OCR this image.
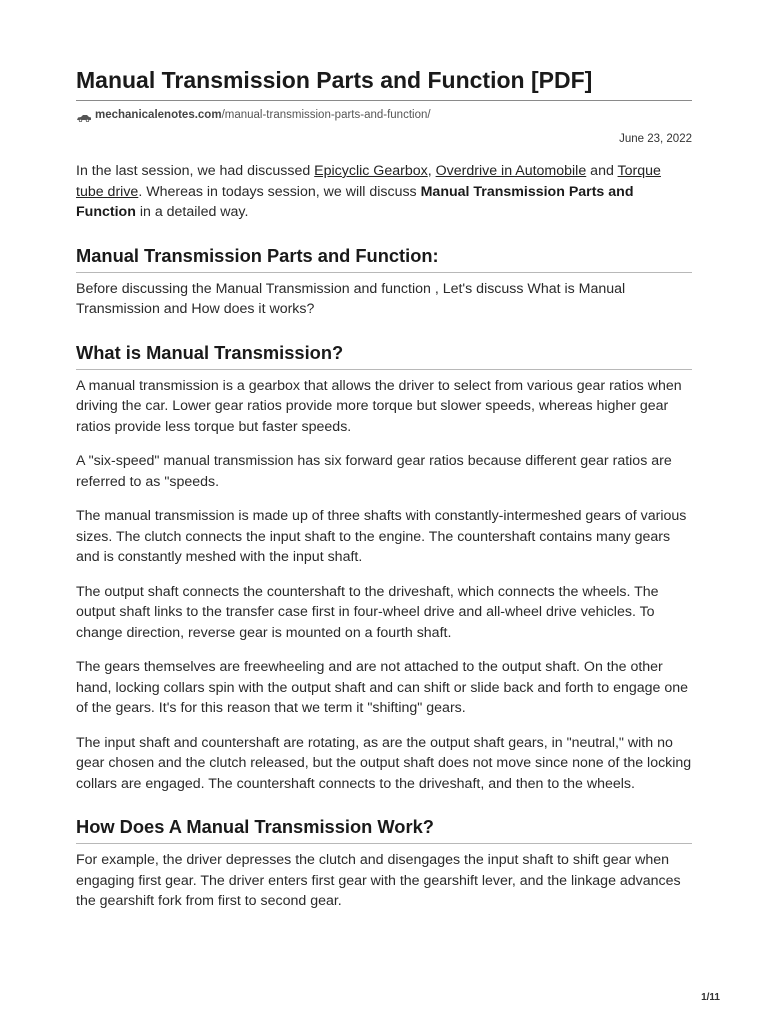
Manual Transmission Parts and Function [PDF]
mechanicalenotes.com /manual-transmission-parts-and-function/
June 23, 2022

In the last session, we had discussed Epicyclic Gearbox, Overdrive in Automobile and Torque tube drive. Whereas in todays session, we will discuss Manual Transmission Parts and Function in a detailed way.

Manual Transmission Parts and Function:

Before discussing the Manual Transmission and function , Let's discuss What is Manual Transmission and How does it works?

What is Manual Transmission?

A manual transmission is a gearbox that allows the driver to select from various gear ratios when driving the car. Lower gear ratios provide more torque but slower speeds, whereas higher gear ratios provide less torque but faster speeds.

A "six-speed" manual transmission has six forward gear ratios because different gear ratios are referred to as "speeds.

The manual transmission is made up of three shafts with constantly-intermeshed gears of various sizes. The clutch connects the input shaft to the engine. The countershaft contains many gears and is constantly meshed with the input shaft.

The output shaft connects the countershaft to the driveshaft, which connects the wheels. The output shaft links to the transfer case first in four-wheel drive and all-wheel drive vehicles. To change direction, reverse gear is mounted on a fourth shaft.

The gears themselves are freewheeling and are not attached to the output shaft. On the other hand, locking collars spin with the output shaft and can shift or slide back and forth to engage one of the gears. It's for this reason that we term it "shifting" gears.

The input shaft and countershaft are rotating, as are the output shaft gears, in "neutral," with no gear chosen and the clutch released, but the output shaft does not move since none of the locking collars are engaged. The countershaft connects to the driveshaft, and then to the wheels.

How Does A Manual Transmission Work?

For example, the driver depresses the clutch and disengages the input shaft to shift gear when engaging first gear. The driver enters first gear with the gearshift lever, and the linkage advances the gearshift fork from first to second gear.

1/11
